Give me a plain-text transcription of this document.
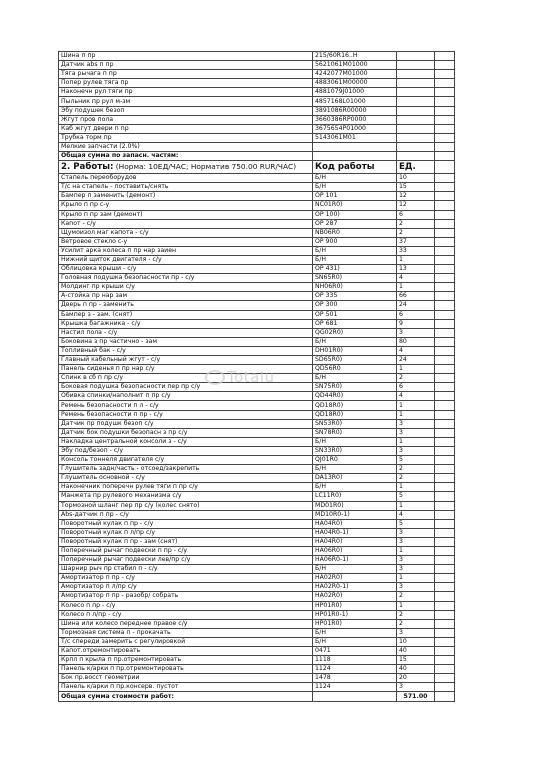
Шина п пр	215/60R16..H		
Датчик abs п пр	5621061M01000		
Тяга рычага п пр	4242077M01000		
Попер рулев тяга пр	4883061M00000		
Наконечн рул тяги пр	4881079J01000		
Пыльник пр рул м-зм	4857168L01000		
Эбу подушек безоп	3891086R00000		
Жгут пров пола	3660386RP0000		
Каб жгут двери п пр	3675654P01000		
Трубка торм пр	5143061M01		
Мелкие запчасти (2.0%)			
Общая сумма по запасн. частям:			
2. Работы: (Норма: 10ЕД/ЧАС; Норматив 750.00 RUR/ЧАС)	Код работы	ЕД.	
Стапель переоборудов	Б/Н	10	
Т/с на стапель - поставить/снять	Б/Н	15	
Бампер п заменить (демонт)	ОР 101	12	
Крыло п пр с-у	NC01R0)	12	
Крыло п пр зам (демонт)	ОР 100)	6	
Капот - с/у	ОР 287	2	
Щумоизол маг капота - с/у	NB06R0	2	
Ветровое стекло с-у	ОР 900	37	
Усилит арка колеса п пр нар заиен	Б/Н	33	
Нижний щиток двигателя - с/у	Б/Н	1	
Облицовка крыши - с/у	ОР 431)	13	
Головная подушка безопасности пр - с/у	SN65R0)	4	
Молдинг пр крыши с/у	NH06R0)	1	
А-стойка пр нар зам	ОР 335	66	
Дверь п пр - заменить	ОР 300	24	
Бампер з - зам. (снят)	ОР 501	6	
Крышка багажника - с/у	ОР 681	9	
Настил пола - с/у	QG02R0)	3	
Боковина з пр частично - зам	Б/Н	80	
Топливный бак - с/у	DH01R0)	4	
Главный кабельный жгут - с/у	SD65R0)	24	
Панель сиденья п пр нар с/у	QD56R0	1	
Спинк в сб п пр с/у	Б/Н	2	
Боковая подушка безопасности пер пр с/у	SN75R0)	6	
Обивка спинки/наполнит п пр с/у	QD44R0)	4	
Ремень безопасности п л - с/у	QD18R0)	1	
Ремень безопасности п пр - с/у	QD18R0)	1	
Датчик пр подушк безоп с/у	SN53R0)	3	
Датчик бок подушки безопасн з пр с/у	SN78R0)	3	
Накладка центральной консоли з - с/у	Б/Н	1	
Эбу под/безоп - с/у	SN33R0)	3	
Консоль тоннеля двигателя с/у	QJ01R0	5	
Глушитель задн/часть - отсоед/закрепить	Б/Н	2	
Глушитель основной - с/у	DA13R0)	2	
Наконечник поперечн рулев тяги п пр с/у	Б/Н	1	
Манжета пр рулевого механизма с/у	LC11R0)	5	
Тормозной шланг пер пр с/у (колес снято)	MD01R0)	1	
Abs-датчик п пр - с/у	MD10R0-1)	4	
Поворотный кулак п пр - с/у	HA04R0)	5	
Поворотный кулак п л/пр с/у	HA04R0-1)	3	
Поворотный кулак п пр - зам (снят)	HA04R0)	3	
Поперечный рычаг подвески п пр - с/у	HA06R0)	1	
Поперечный рычаг подвески лев/пр с/у	HA06R0-1)	3	
Шарнир рыч пр стабил п - с/у	Б/Н	3	
Амортизатор п пр - с/у	HA02R0)	1	
Амортизатор п л/пр с/у	HA02R0-1)	3	
Амортизатор п пр - разобр/ собрать	HA02R0)	2	
Колесо п пр - с/у	HP01R0)	1	
Колесо п л/пр - с/у	HP01R0-1)	2	
Шина или колесо переднее правое с/у	HP01R0)	2	
Тормозная система п - прокачать	Б/Н	3	
Т/с спереди замерить с регулировкой	Б/Н	10	
Капот.отремонтировать	0471	40	
Крпл п крыла п пр.отремонтировать	1118	15	
Панель к/арки п пр.отремонтировать	1124	40	
Бок пр.восст геометрии	1478	20	
Панель к/арки п пр.консерв. пустот	1124	3	
Общая сумма стоимости работ:		571.00	
Totalu
